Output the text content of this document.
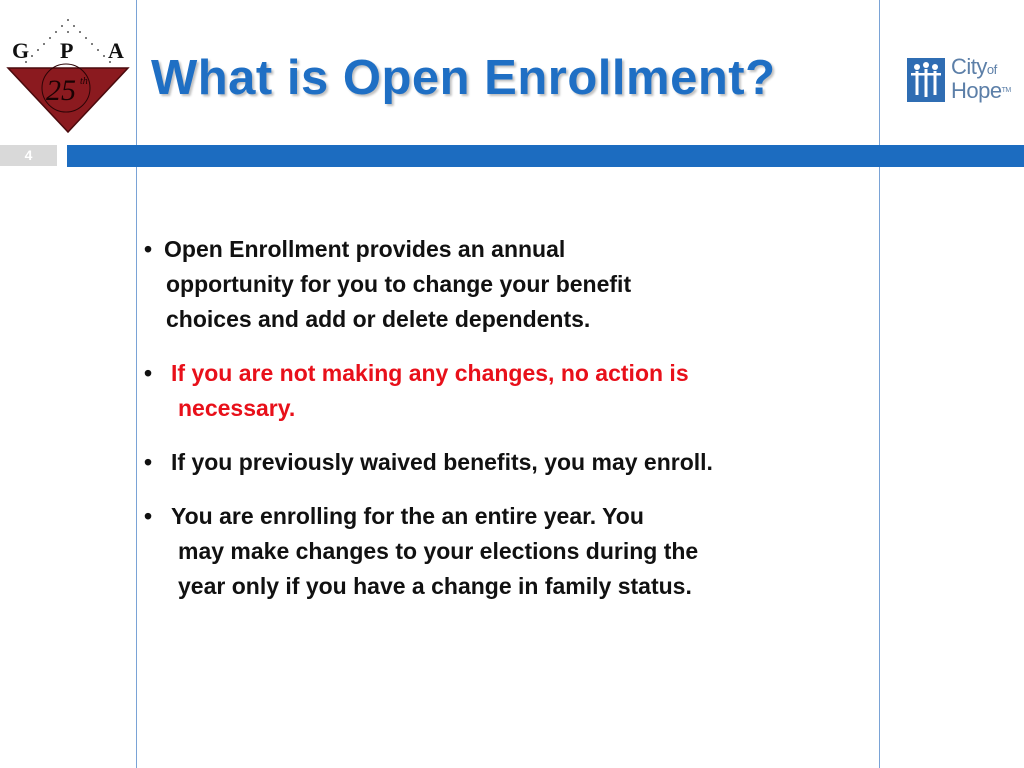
25 th
G P A
What is Open Enrollment?	Cityof
HopeTM
4
• Open Enrollment provides an annual
opportunity for you to change your benefit
choices and add or delete dependents.
• If you are not making any changes, no action is
necessary.
• If you previously waived benefits, you may enroll.
• You are enrolling for the an entire year. You
may make changes to your elections during the
year only if you have a change in family status.
